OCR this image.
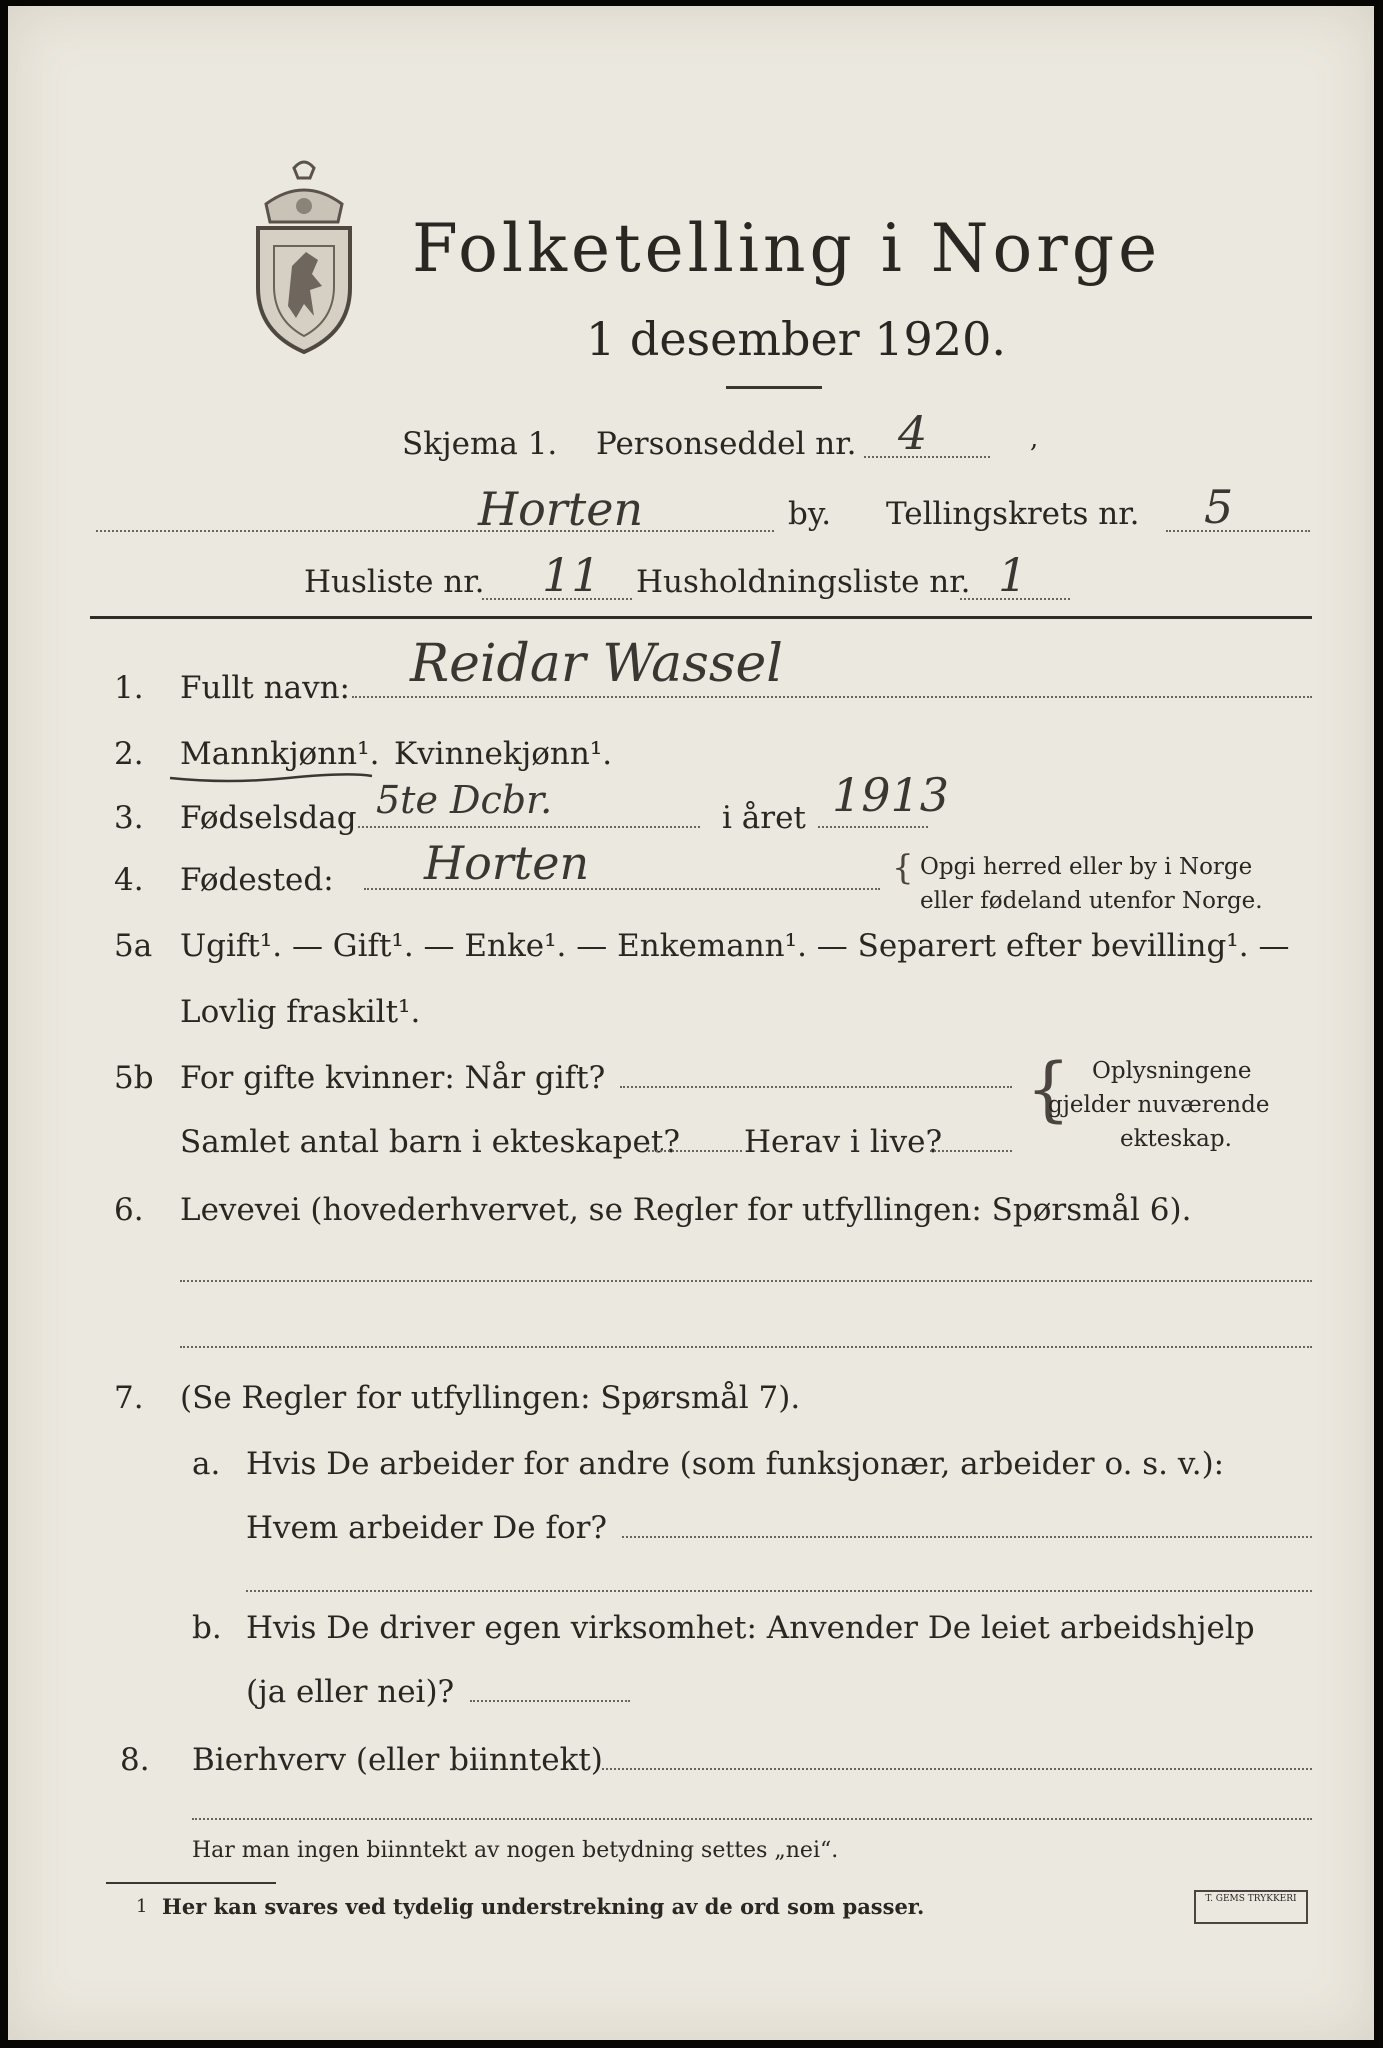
Folketelling i Norge
1 desember 1920.
Skjema 1. Personseddel nr. 4	,
Horten	by. Tellingskrets nr. 5
Husliste nr. 11 Husholdningsliste nr. 1
1. Fullt navn: Reidar Wassel
2. Mannkjønn¹. Kvinnekjønn¹.
3. Fødselsdag 5te Dcbr.	i året 1913
4. Fødested: Horten	{ Opgi herred eller by i Norge
eller fødeland utenfor Norge.
5a Ugift¹. — Gift¹. — Enke¹. — Enkemann¹. — Separert efter bevilling¹. —
Lovlig fraskilt¹.
5b For gifte kvinner: Når gift?
Samlet antal barn i ekteskapet? Herav i live?
{ Oplysningene
gjelder nuværende
ekteskap.
6. Levevei (hovederhvervet, se Regler for utfyllingen: Spørsmål 6).
7. (Se Regler for utfyllingen: Spørsmål 7).
a. Hvis De arbeider for andre (som funksjonær, arbeider o. s. v.):
Hvem arbeider De for?
b. Hvis De driver egen virksomhet: Anvender De leiet arbeidshjelp
(ja eller nei)?
8. Bierhverv (eller biinntekt)
Har man ingen biinntekt av nogen betydning settes „nei“.
1 Her kan svares ved tydelig understrekning av de ord som passer.	T. GEMS TRYKKERI
